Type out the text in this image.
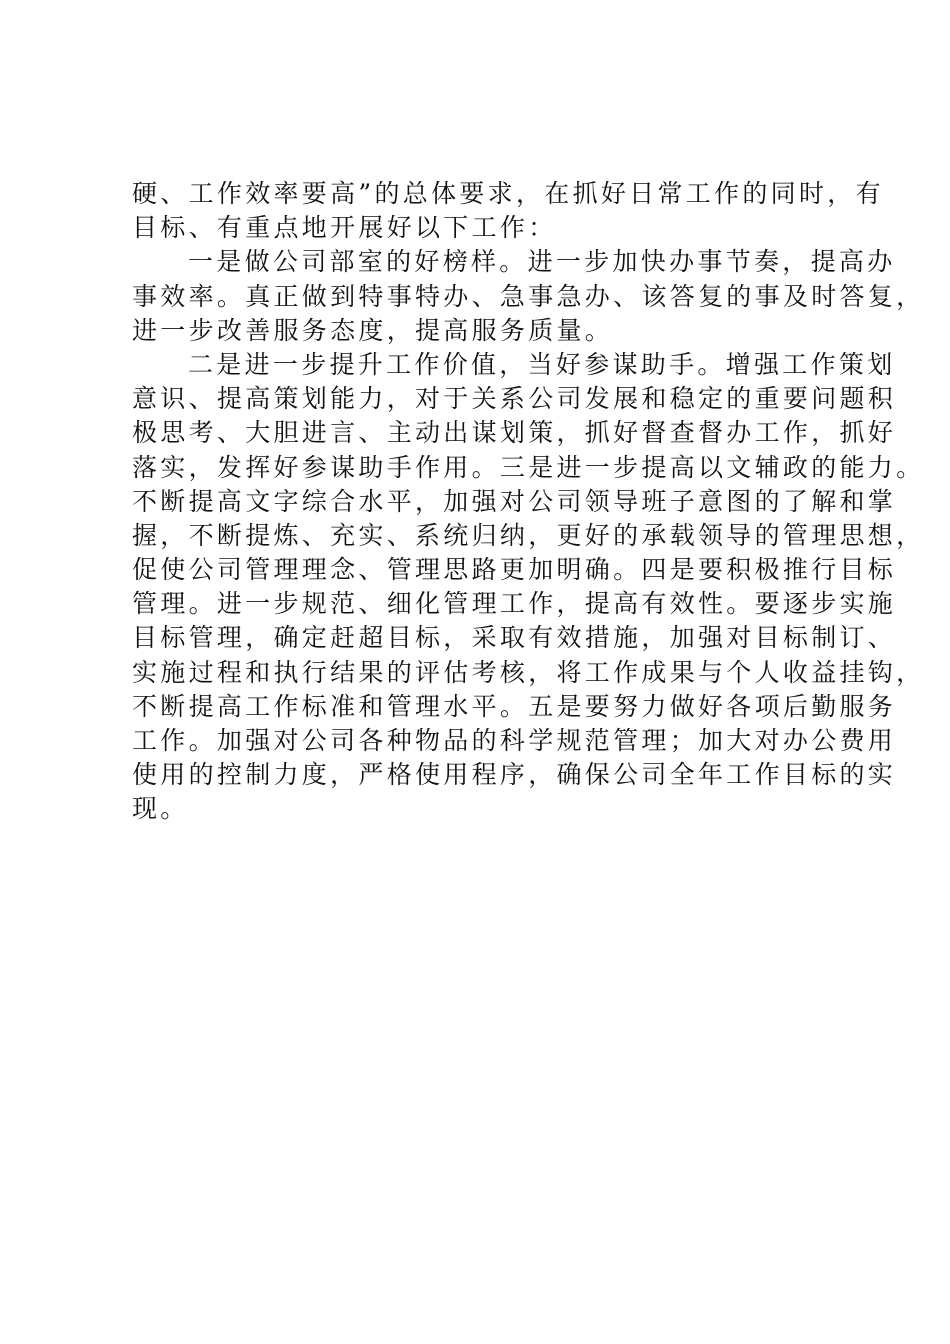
硬、工作效率要高”的总体要求，在抓好日常工作的同时，有
目标、有重点地开展好以下工作：
一是做公司部室的好榜样。进一步加快办事节奏，提高办
事效率。真正做到特事特办、急事急办、该答复的事及时答复，
进一步改善服务态度，提高服务质量。
二是进一步提升工作价值，当好参谋助手。增强工作策划
意识、提高策划能力，对于关系公司发展和稳定的重要问题积
极思考、大胆进言、主动出谋划策，抓好督查督办工作，抓好
落实，发挥好参谋助手作用。三是进一步提高以文辅政的能力。
不断提高文字综合水平，加强对公司领导班子意图的了解和掌
握，不断提炼、充实、系统归纳，更好的承载领导的管理思想，
促使公司管理理念、管理思路更加明确。四是要积极推行目标
管理。进一步规范、细化管理工作，提高有效性。要逐步实施
目标管理，确定赶超目标，采取有效措施，加强对目标制订、
实施过程和执行结果的评估考核，将工作成果与个人收益挂钩，
不断提高工作标准和管理水平。五是要努力做好各项后勤服务
工作。加强对公司各种物品的科学规范管理；加大对办公费用
使用的控制力度，严格使用程序，确保公司全年工作目标的实
现。
